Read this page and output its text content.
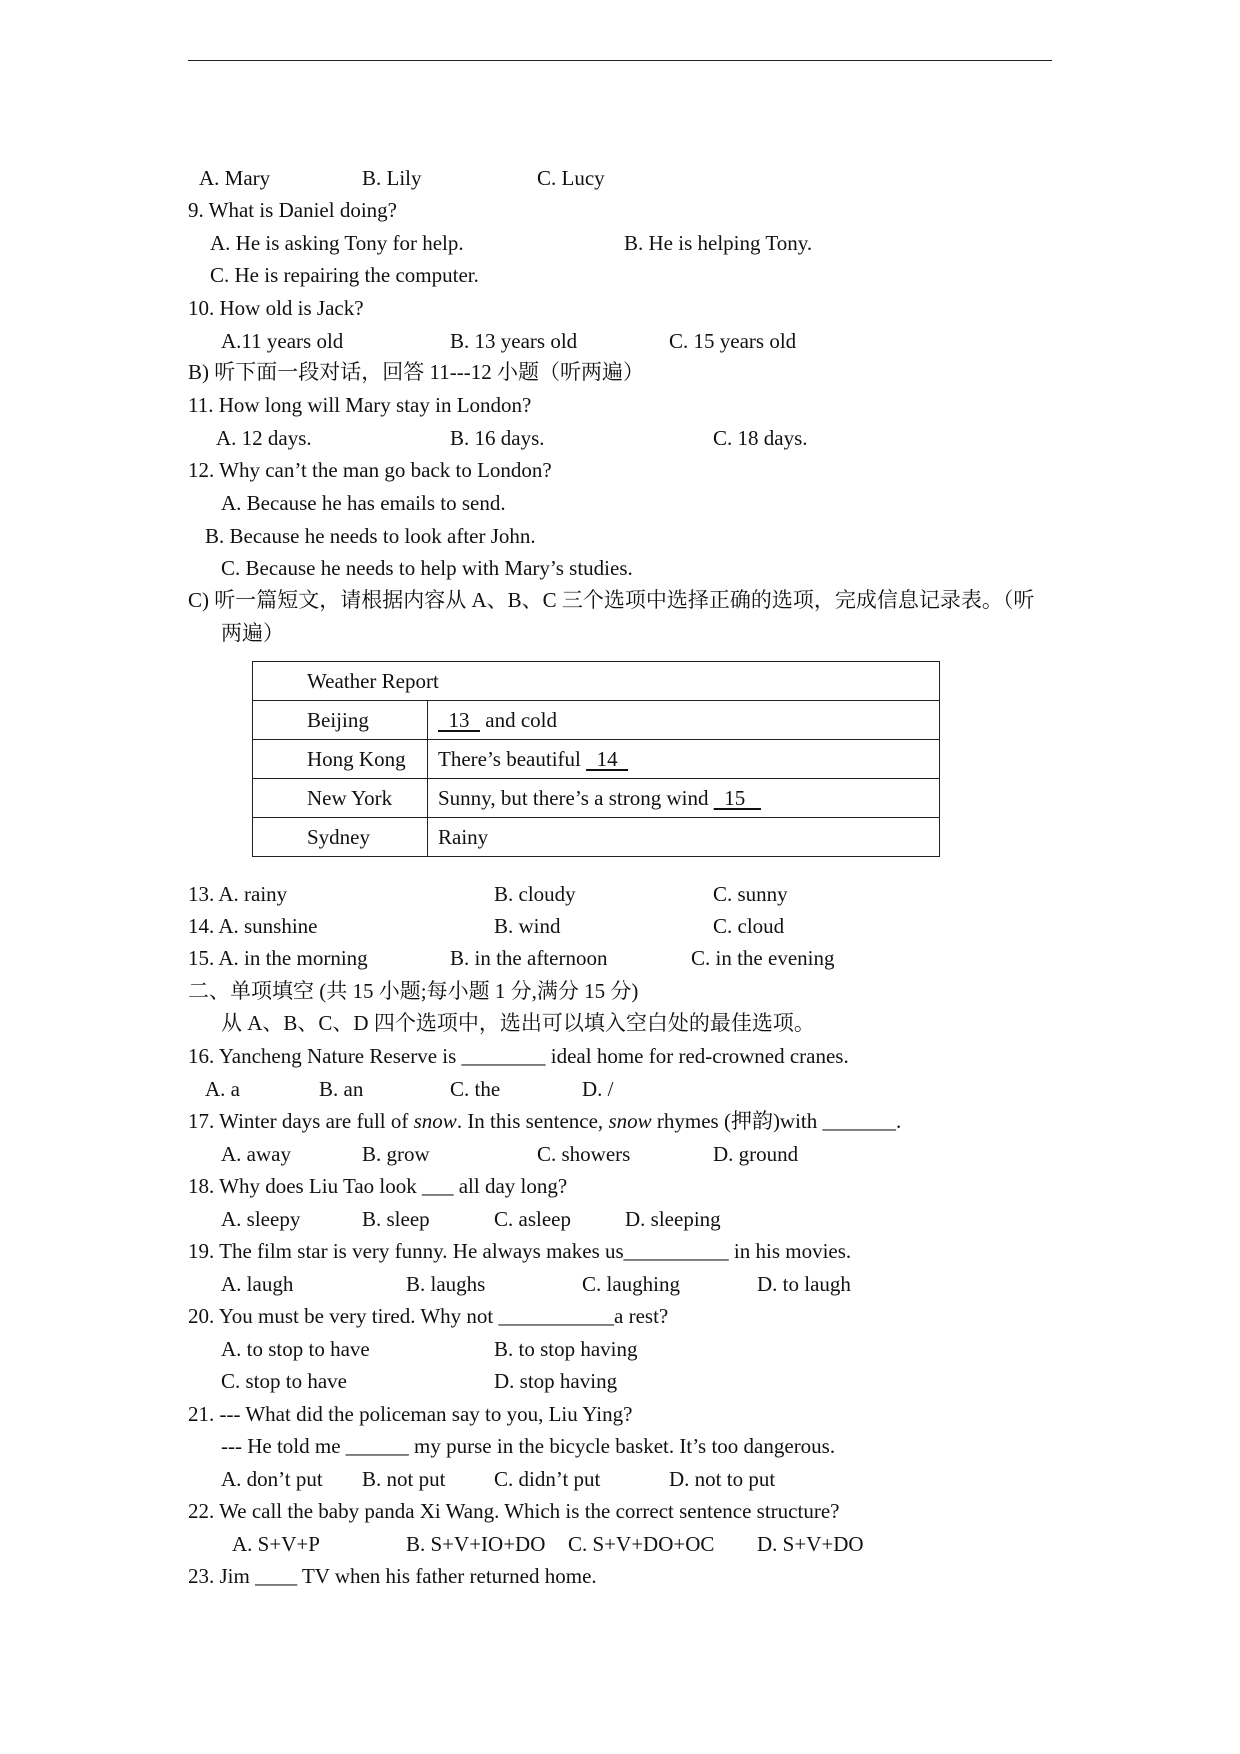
A. Mary	B. Lily	C. Lucy
9. What is Daniel doing?
A. He is asking Tony for help.	B. He is helping Tony.
C. He is repairing the computer.
10. How old is Jack?
A.11 years old	B. 13 years old	C. 15 years old
B) 听下面一段对话，回答 11---12 小题（听两遍）
11. How long will Mary stay in London?
A. 12 days.	B. 16 days.	C. 18 days.
12. Why can’t the man go back to London?
A. Because he has emails to send.
B. Because he needs to look after John.
C. Because he needs to help with Mary’s studies.
C) 听一篇短文，请根据内容从 A、B、C 三个选项中选择正确的选项，完成信息记录表。（听
两遍）
Weather Report	
Beijing	13   and cold
Hong Kong	There’s beautiful   14
New York	Sunny, but there’s a strong wind   15
Sydney	Rainy
13. A. rainy	B. cloudy	C. sunny
14. A. sunshine	B. wind	C. cloud
15. A. in the morning	B. in the afternoon	C. in the evening
二、单项填空 (共 15 小题;每小题 1 分,满分 15 分)
从 A、B、C、D 四个选项中，选出可以填入空白处的最佳选项。
16. Yancheng Nature Reserve is ________ ideal home for red-crowned cranes.
A. a	B. an	C. the	D. /
17. Winter days are full of snow. In this sentence, snow rhymes (押韵)with _______.
A. away	B. grow	C. showers	D. ground
18. Why does Liu Tao look ___ all day long?
A. sleepy	B. sleep	C. asleep	D. sleeping
19. The film star is very funny. He always makes us__________ in his movies.
A. laugh	B. laughs	C. laughing	D. to laugh
20. You must be very tired. Why not ___________a rest?
A. to stop to have	B. to stop having
C. stop to have	D. stop having
21. --- What did the policeman say to you, Liu Ying?
--- He told me ______ my purse in the bicycle basket. It’s too dangerous.
A. don’t put B. not put C. didn’t put	D. not to put
22. We call the baby panda Xi Wang. Which is the correct sentence structure?
A. S+V+P	B. S+V+IO+DO C. S+V+DO+OC D. S+V+DO
23. Jim ____ TV when his father returned home.
